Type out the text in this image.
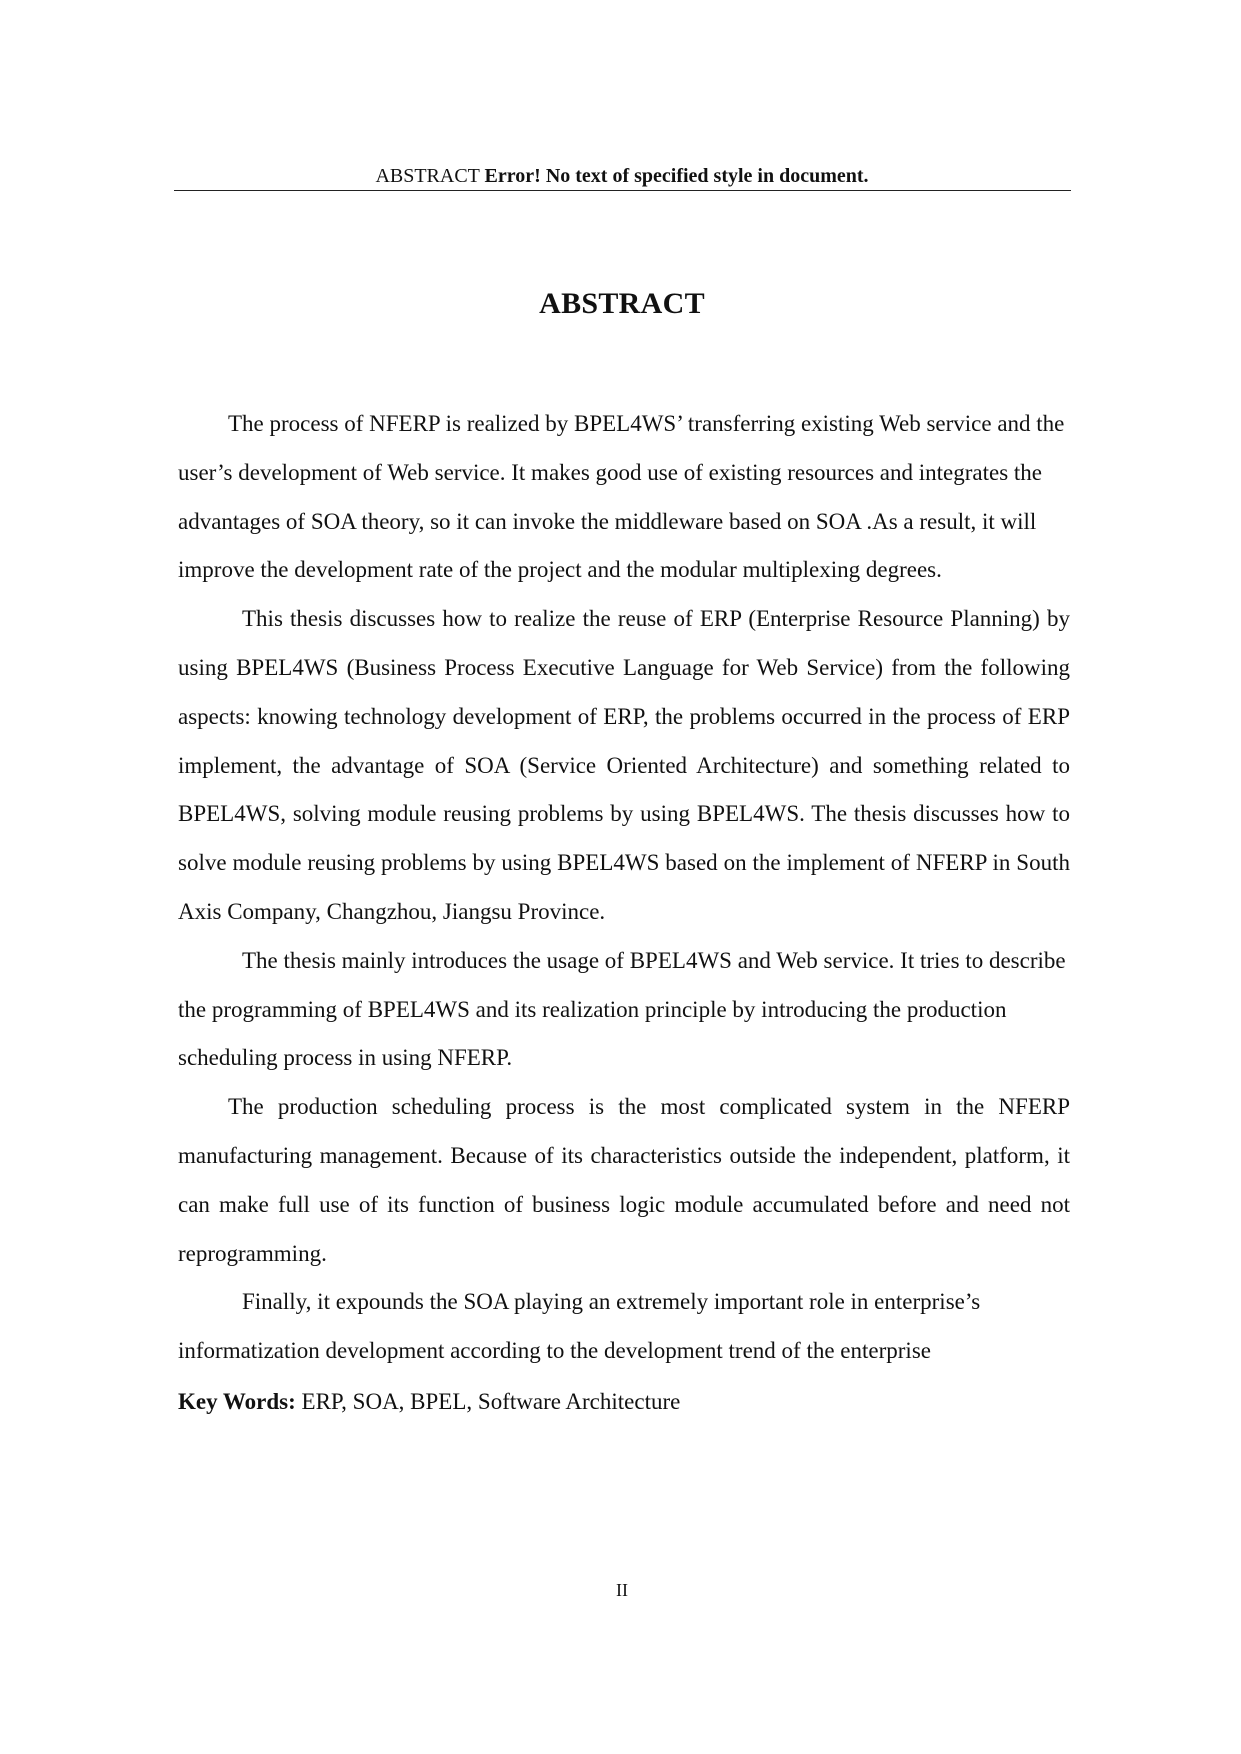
ABSTRACT Error! No text of specified style in document.
ABSTRACT

The process of NFERP is realized by BPEL4WS’ transferring existing Web service and the user’s development of Web service. It makes good use of existing resources and integrates the advantages of SOA theory, so it can invoke the middleware based on SOA .As a result, it will improve the development rate of the project and the modular multiplexing degrees.

This thesis discusses how to realize the reuse of ERP (Enterprise Resource Planning) by using BPEL4WS (Business Process Executive Language for Web Service) from the following aspects: knowing technology development of ERP, the problems occurred in the process of ERP implement, the advantage of SOA (Service Oriented Architecture) and something related to BPEL4WS, solving module reusing problems by using BPEL4WS. The thesis discusses how to solve module reusing problems by using BPEL4WS based on the implement of NFERP in South Axis Company, Changzhou, Jiangsu Province.

The thesis mainly introduces the usage of BPEL4WS and Web service. It tries to describe the programming of BPEL4WS and its realization principle by introducing the production scheduling process in using NFERP.

The production scheduling process is the most complicated system in the NFERP manufacturing management. Because of its characteristics outside the independent, platform, it can make full use of its function of business logic module accumulated before and need not reprogramming.

Finally, it expounds the SOA playing an extremely important role in enterprise’s informatization development according to the development trend of the enterprise

Key Words: ERP, SOA, BPEL, Software Architecture

II
